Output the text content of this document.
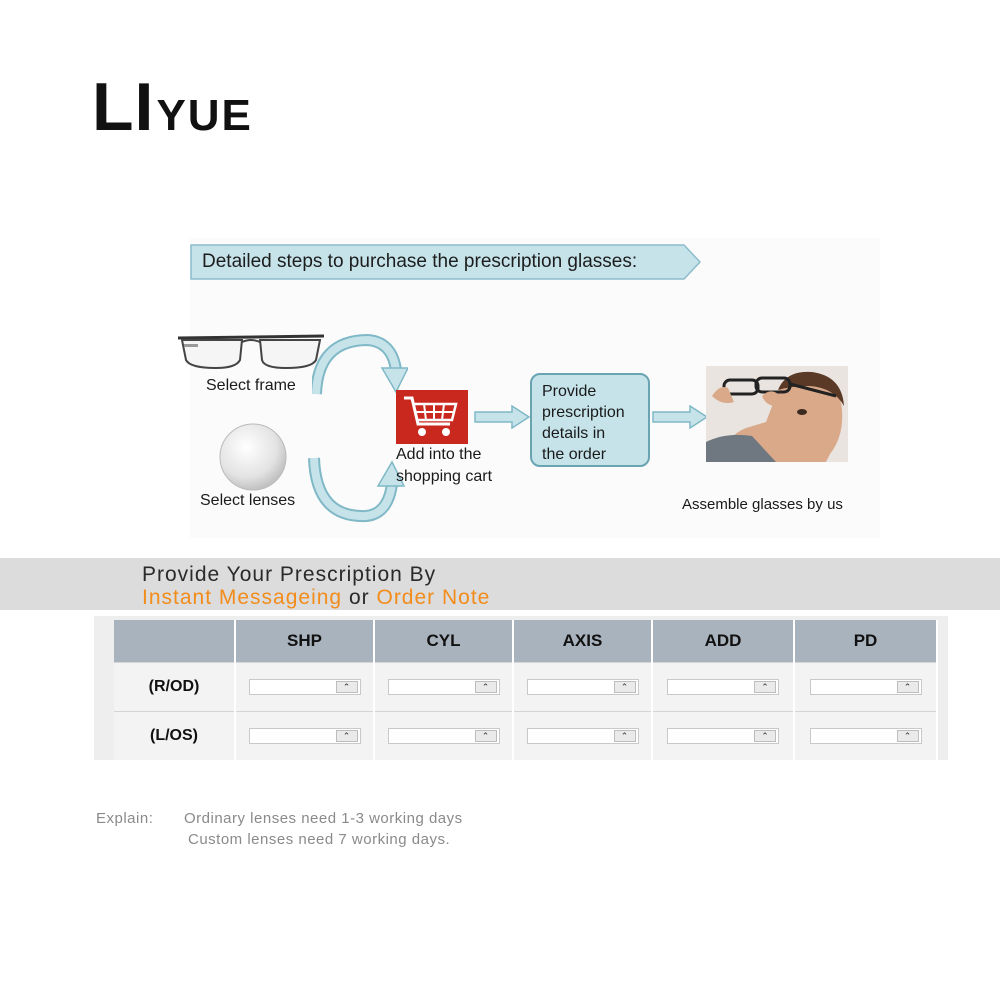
LI YUE
Detailed steps to purchase the prescription glasses:
Select frame
Select lenses
Add into the
shopping cart
Provide
prescription
details in
the order
Assemble glasses by us
Provide Your Prescription By
Instant Messageing or Order Note
	SHP	CYL	AXIS	ADD	PD
(R/OD)	⌃	⌃	⌃	⌃	⌃

(L/OS)	⌃	⌃	⌃	⌃	⌃
Explain: Ordinary lenses need 1-3 working days
Custom lenses need 7 working days.
